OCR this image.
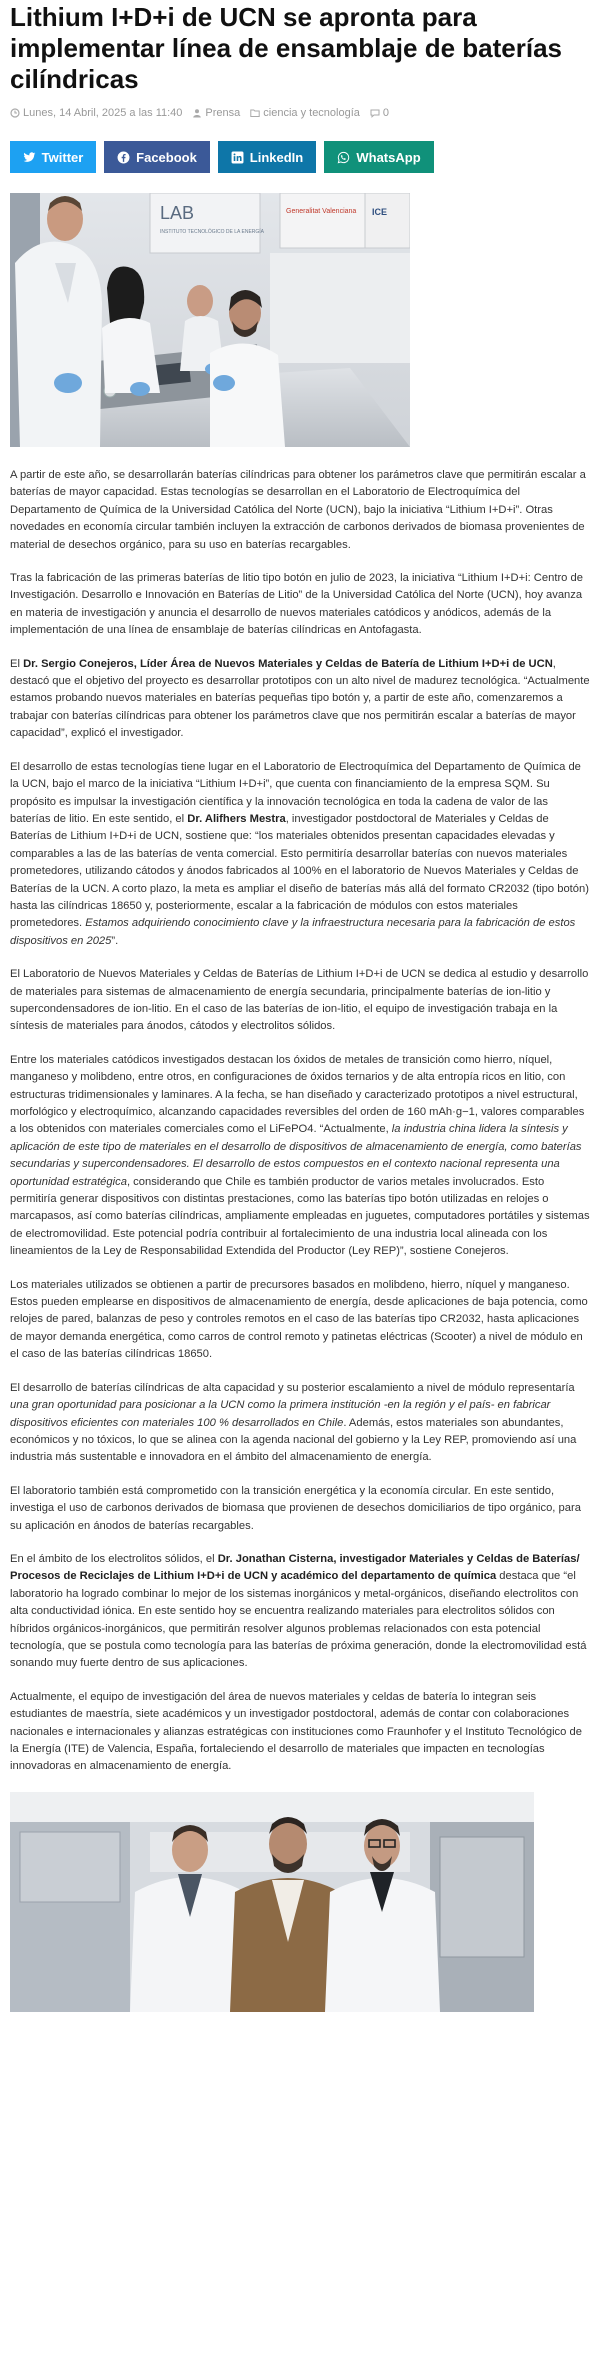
Lithium I+D+i de UCN se apronta para implementar línea de ensamblaje de baterías cilíndricas
Lunes, 14 Abril, 2025 a las 11:40 Prensa ciencia y tecnología 0
Twitter	Facebook	LinkedIn	WhatsApp
LAB
INSTITUTO TECNOLÓGICO DE LA ENERGÍA
Generalitat Valenciana ICE

A partir de este año, se desarrollarán baterías cilíndricas para obtener los parámetros clave que permitirán escalar a baterías de mayor capacidad. Estas tecnologías se desarrollan en el Laboratorio de Electroquímica del Departamento de Química de la Universidad Católica del Norte (UCN), bajo la iniciativa “Lithium I+D+i”. Otras novedades en economía circular también incluyen la extracción de carbonos derivados de biomasa provenientes de material de desechos orgánico, para su uso en baterías recargables.

Tras la fabricación de las primeras baterías de litio tipo botón en julio de 2023, la iniciativa “Lithium I+D+i: Centro de Investigación. Desarrollo e Innovación en Baterías de Litio” de la Universidad Católica del Norte (UCN), hoy avanza en materia de investigación y anuncia el desarrollo de nuevos materiales catódicos y anódicos, además de la implementación de una línea de ensamblaje de baterías cilíndricas en Antofagasta.

El Dr. Sergio Conejeros, Líder Área de Nuevos Materiales y Celdas de Batería de Lithium I+D+i de UCN, destacó que el objetivo del proyecto es desarrollar prototipos con un alto nivel de madurez tecnológica. “Actualmente estamos probando nuevos materiales en baterías pequeñas tipo botón y, a partir de este año, comenzaremos a trabajar con baterías cilíndricas para obtener los parámetros clave que nos permitirán escalar a baterías de mayor capacidad”, explicó el investigador.

El desarrollo de estas tecnologías tiene lugar en el Laboratorio de Electroquímica del Departamento de Química de la UCN, bajo el marco de la iniciativa “Lithium I+D+i”, que cuenta con financiamiento de la empresa SQM. Su propósito es impulsar la investigación científica y la innovación tecnológica en toda la cadena de valor de las baterías de litio. En este sentido, el Dr. Alifhers Mestra, investigador postdoctoral de Materiales y Celdas de Baterías de Lithium I+D+i de UCN, sostiene que: “los materiales obtenidos presentan capacidades elevadas y comparables a las de las baterías de venta comercial. Esto permitiría desarrollar baterías con nuevos materiales prometedores, utilizando cátodos y ánodos fabricados al 100% en el laboratorio de Nuevos Materiales y Celdas de Baterías de la UCN. A corto plazo, la meta es ampliar el diseño de baterías más allá del formato CR2032 (tipo botón) hasta las cilíndricas 18650 y, posteriormente, escalar a la fabricación de módulos con estos materiales prometedores. Estamos adquiriendo conocimiento clave y la infraestructura necesaria para la fabricación de estos dispositivos en 2025”.

El Laboratorio de Nuevos Materiales y Celdas de Baterías de Lithium I+D+i de UCN se dedica al estudio y desarrollo de materiales para sistemas de almacenamiento de energía secundaria, principalmente baterías de ion-litio y supercondensadores de ion-litio. En el caso de las baterías de ion-litio, el equipo de investigación trabaja en la síntesis de materiales para ánodos, cátodos y electrolitos sólidos.

Entre los materiales catódicos investigados destacan los óxidos de metales de transición como hierro, níquel, manganeso y molibdeno, entre otros, en configuraciones de óxidos ternarios y de alta entropía ricos en litio, con estructuras tridimensionales y laminares. A la fecha, se han diseñado y caracterizado prototipos a nivel estructural, morfológico y electroquímico, alcanzando capacidades reversibles del orden de 160 mAh·g−1, valores comparables a los obtenidos con materiales comerciales como el LiFePO4. “Actualmente, la industria china lidera la síntesis y aplicación de este tipo de materiales en el desarrollo de dispositivos de almacenamiento de energía, como baterías secundarias y supercondensadores. El desarrollo de estos compuestos en el contexto nacional representa una oportunidad estratégica, considerando que Chile es también productor de varios metales involucrados. Esto permitiría generar dispositivos con distintas prestaciones, como las baterías tipo botón utilizadas en relojes o marcapasos, así como baterías cilíndricas, ampliamente empleadas en juguetes, computadores portátiles y sistemas de electromovilidad. Este potencial podría contribuir al fortalecimiento de una industria local alineada con los lineamientos de la Ley de Responsabilidad Extendida del Productor (Ley REP)”, sostiene Conejeros.

Los materiales utilizados se obtienen a partir de precursores basados en molibdeno, hierro, níquel y manganeso. Estos pueden emplearse en dispositivos de almacenamiento de energía, desde aplicaciones de baja potencia, como relojes de pared, balanzas de peso y controles remotos en el caso de las baterías tipo CR2032, hasta aplicaciones de mayor demanda energética, como carros de control remoto y patinetas eléctricas (Scooter) a nivel de módulo en el caso de las baterías cilíndricas 18650.

El desarrollo de baterías cilíndricas de alta capacidad y su posterior escalamiento a nivel de módulo representaría una gran oportunidad para posicionar a la UCN como la primera institución -en la región y el país- en fabricar dispositivos eficientes con materiales 100 % desarrollados en Chile. Además, estos materiales son abundantes, económicos y no tóxicos, lo que se alinea con la agenda nacional del gobierno y la Ley REP, promoviendo así una industria más sustentable e innovadora en el ámbito del almacenamiento de energía.

El laboratorio también está comprometido con la transición energética y la economía circular. En este sentido, investiga el uso de carbonos derivados de biomasa que provienen de desechos domiciliarios de tipo orgánico, para su aplicación en ánodos de baterías recargables.

En el ámbito de los electrolitos sólidos, el Dr. Jonathan Cisterna, investigador Materiales y Celdas de Baterías/ Procesos de Reciclajes de Lithium I+D+i de UCN y académico del departamento de química destaca que “el laboratorio ha logrado combinar lo mejor de los sistemas inorgánicos y metal-orgánicos, diseñando electrolitos con alta conductividad iónica. En este sentido hoy se encuentra realizando materiales para electrolitos sólidos con híbridos orgánicos-inorgánicos, que permitirán resolver algunos problemas relacionados con esta potencial tecnología, que se postula como tecnología para las baterías de próxima generación, donde la electromovilidad está sonando muy fuerte dentro de sus aplicaciones.

Actualmente, el equipo de investigación del área de nuevos materiales y celdas de batería lo integran seis estudiantes de maestría, siete académicos y un investigador postdoctoral, además de contar con colaboraciones nacionales e internacionales y alianzas estratégicas con instituciones como Fraunhofer y el Instituto Tecnológico de la Energía (ITE) de Valencia, España, fortaleciendo el desarrollo de materiales que impacten en tecnologías innovadoras en almacenamiento de energía.
